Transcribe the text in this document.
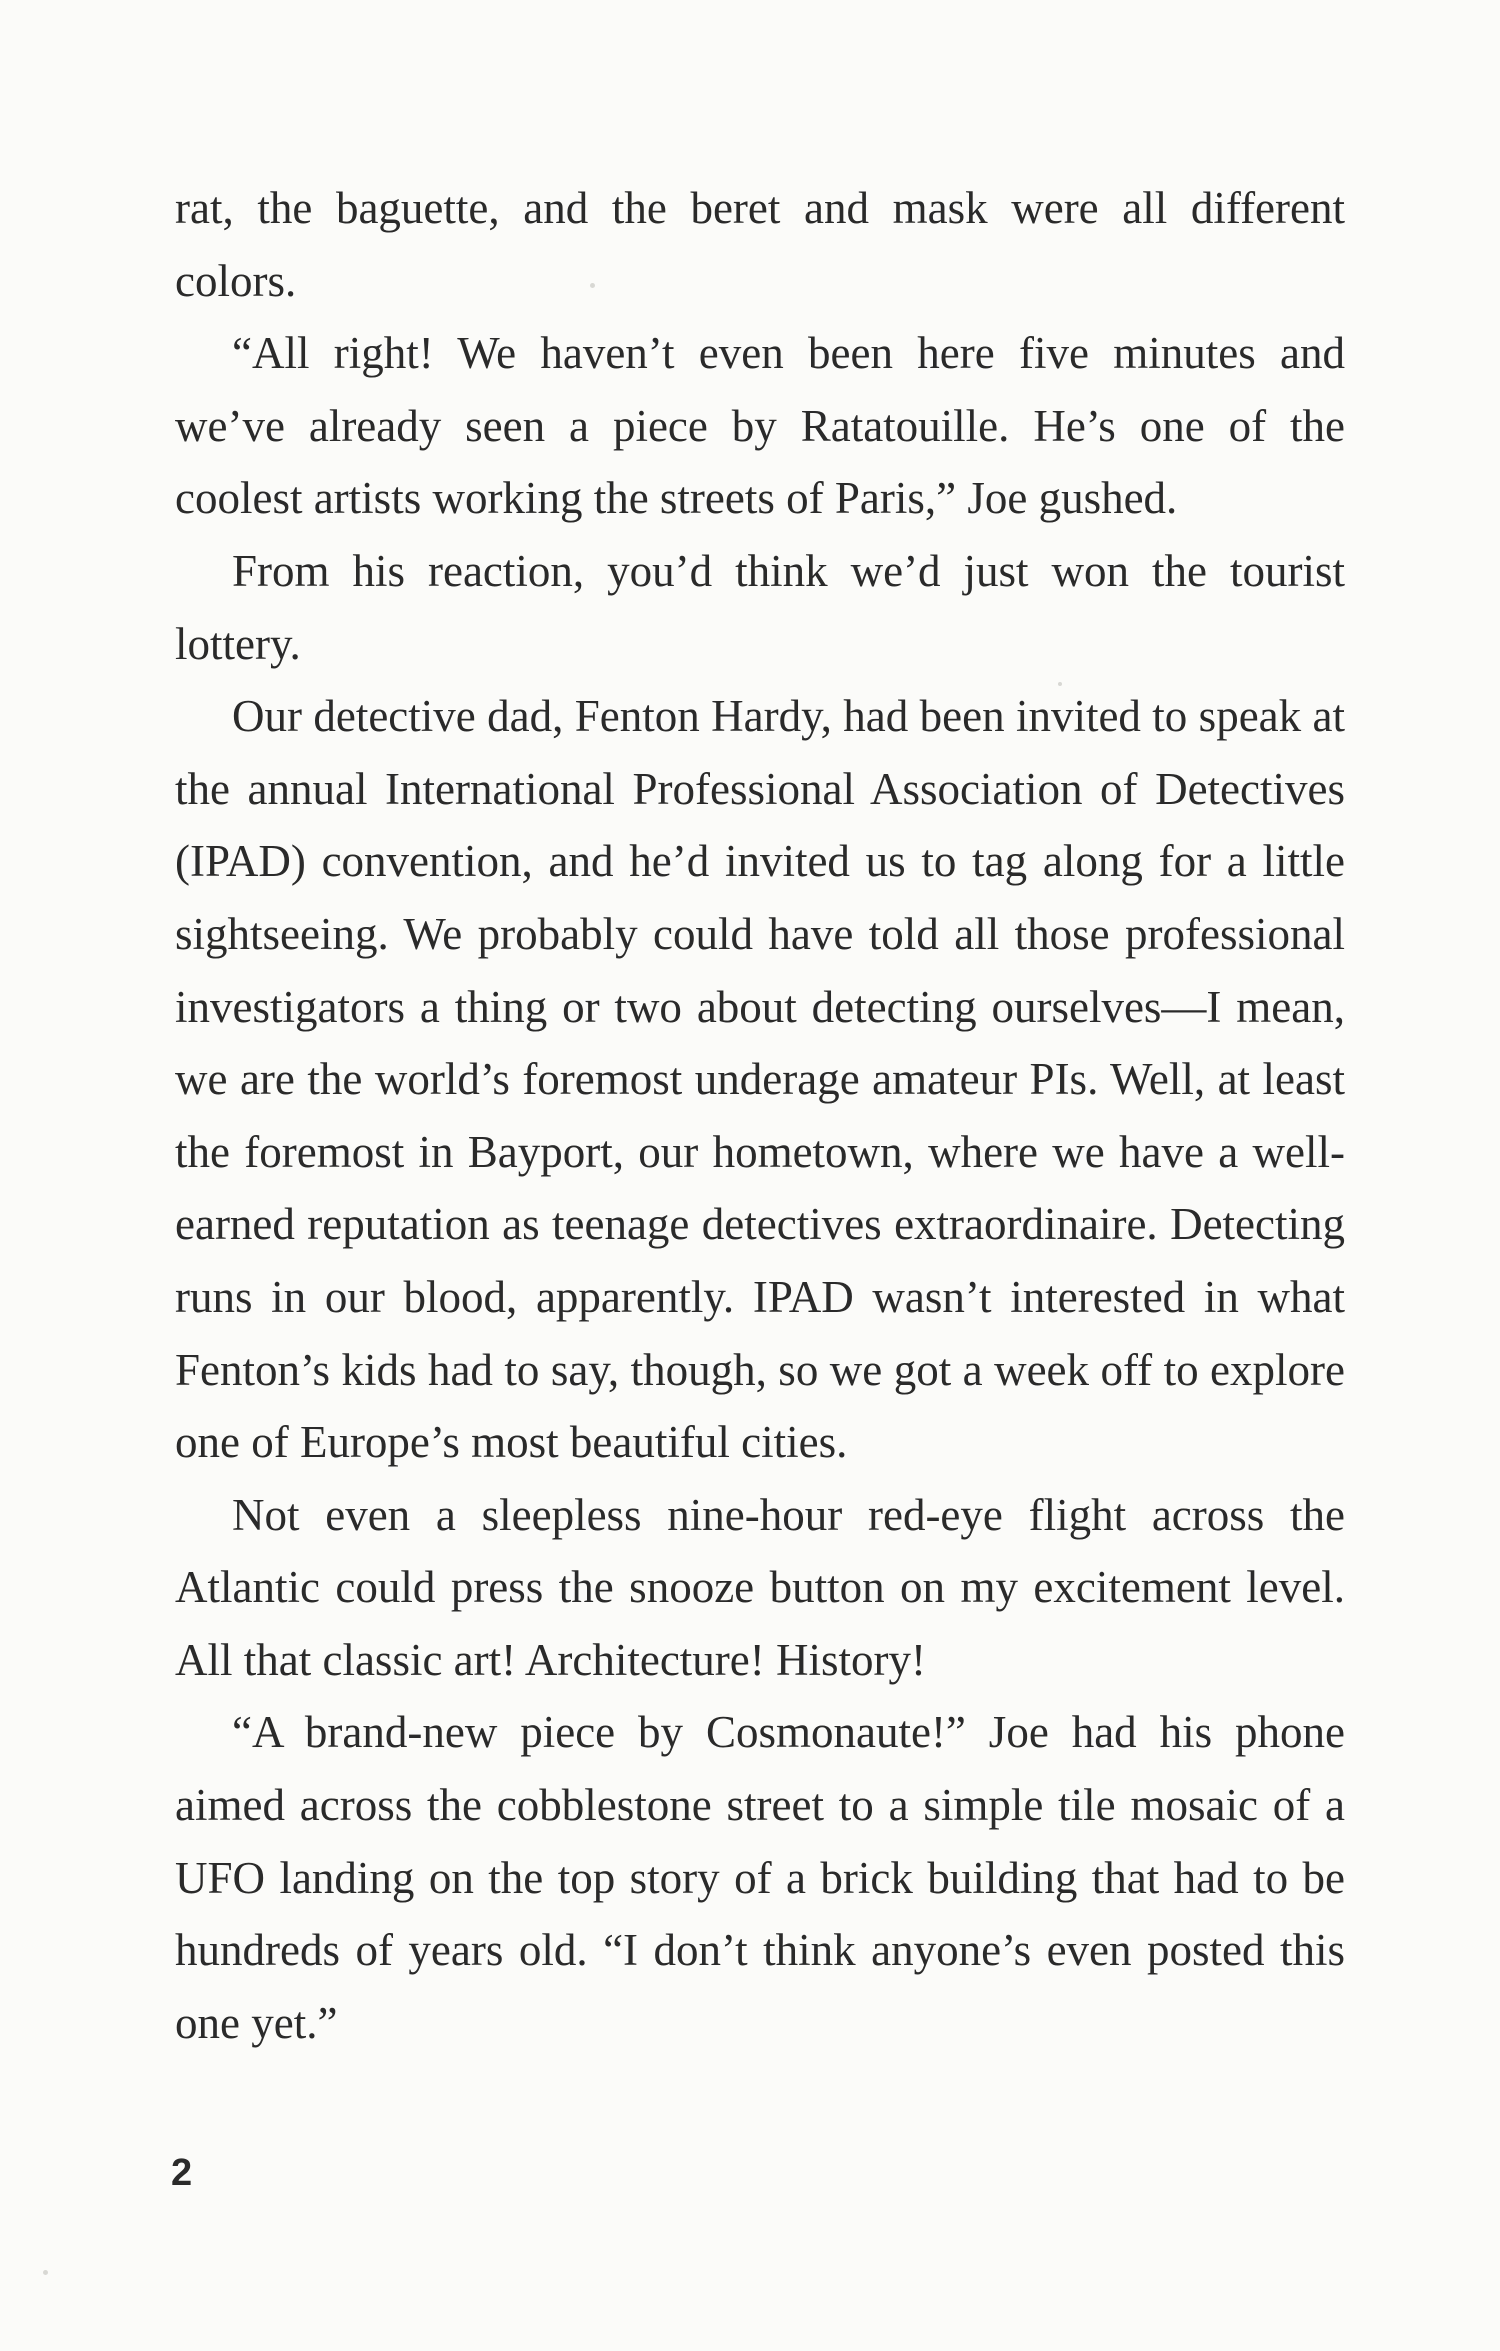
rat, the baguette, and the beret and mask were all different colors.

“All right! We haven’t even been here five minutes and we’ve already seen a piece by Ratatouille. He’s one of the coolest artists working the streets of Paris,” Joe gushed.

From his reaction, you’d think we’d just won the tourist lottery.

Our detective dad, Fenton Hardy, had been invited to speak at the annual International Professional Association of Detectives (IPAD) convention, and he’d invited us to tag along for a little sightseeing. We probably could have told all those professional investigators a thing or two about detecting ourselves—I mean, we are the world’s foremost underage amateur PIs. Well, at least the foremost in Bayport, our hometown, where we have a well-earned reputation as teenage detectives extraordinaire. Detecting runs in our blood, apparently. IPAD wasn’t interested in what Fenton’s kids had to say, though, so we got a week off to explore one of Europe’s most beautiful cities.

Not even a sleepless nine-hour red-eye flight across the Atlantic could press the snooze button on my excitement level. All that classic art! Architecture! History!

“A brand-new piece by Cosmonaute!” Joe had his phone aimed across the cobblestone street to a simple tile mosaic of a UFO landing on the top story of a brick building that had to be hundreds of years old. “I don’t think anyone’s even posted this one yet.”

2
